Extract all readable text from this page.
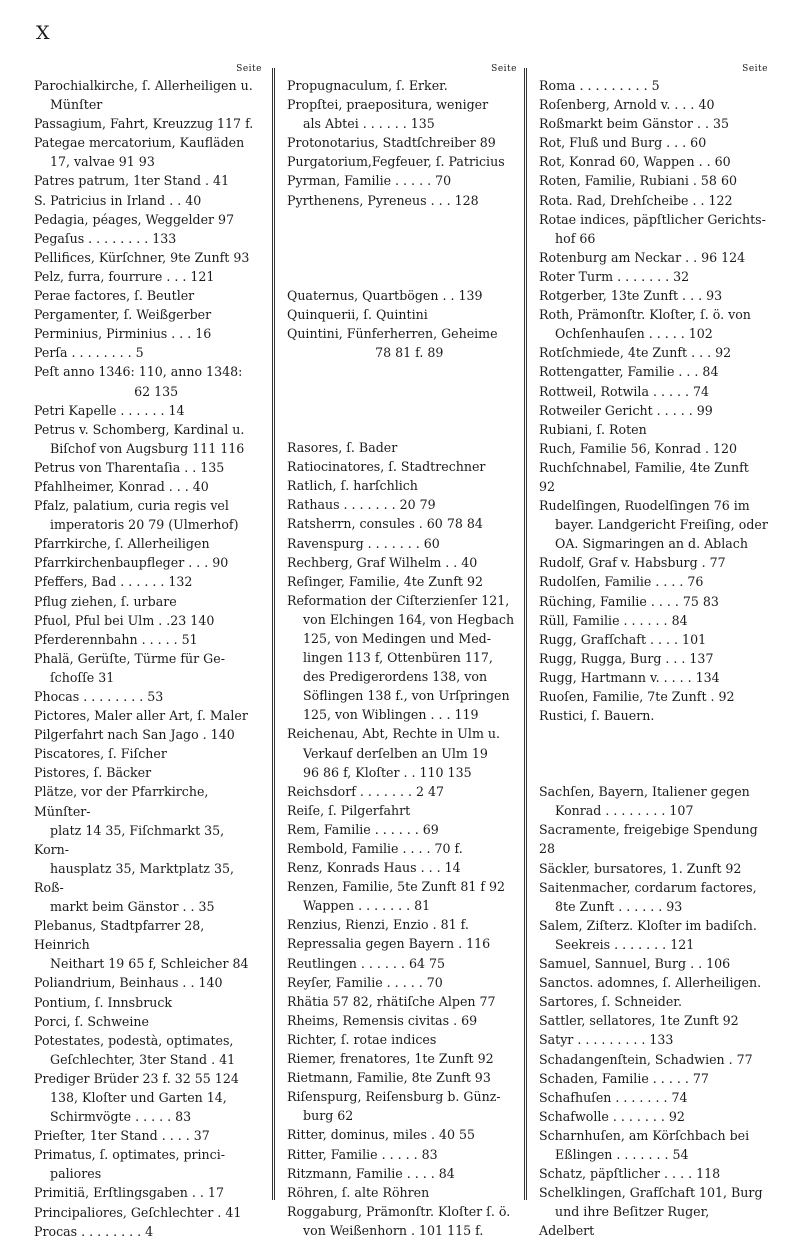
X
Seite
Parochialkirche, ſ. Allerheiligen u.
Münſter
Passagium, Fahrt, Kreuzzug 117 f.
Pategae mercatorium, Kaufläden
17, valvae 91 93
Patres patrum, 1ter Stand . 41
S. Patricius in Irland . . 40
Pedagia, péages, Weggelder 97
Pegaſus . . . . . . . . 133
Pellifices, Kürſchner, 9te Zunft 93
Pelz, furra, fourrure . . . 121
Perae factores, ſ. Beutler
Pergamenter, ſ. Weißgerber
Perminius, Pirminius . . . 16
Perſa . . . . . . . . 5
Peſt anno 1346: 110, anno 1348:
62 135
Petri Kapelle . . . . . . 14
Petrus v. Schomberg, Kardinal u.
Biſchof von Augsburg 111 116
Petrus von Tharentaſia . . 135
Pfahlheimer, Konrad . . . 40
Pfalz, palatium, curia regis vel
imperatoris 20 79 (Ulmerhof)
Pfarrkirche, ſ. Allerheiligen
Pfarrkirchenbaupfleger . . . 90
Pfeffers, Bad . . . . . . 132
Pflug ziehen, ſ. urbare
Pfuol, Pful bei Ulm . .23 140
Pferderennbahn . . . . . 51
Phalä, Gerüſte, Türme für Ge-
ſchoſſe 31
Phocas . . . . . . . . 53
Pictores, Maler aller Art, ſ. Maler
Pilgerfahrt nach San Jago . 140
Piscatores, ſ. Fiſcher
Pistores, ſ. Bäcker
Plätze, vor der Pfarrkirche, Münſter-
platz 14 35, Fiſchmarkt 35, Korn-
hausplatz 35, Marktplatz 35, Roß-
markt beim Gänstor . . 35
Plebanus, Stadtpfarrer 28, Heinrich
Neithart 19 65 f, Schleicher 84
Poliandrium, Beinhaus . . 140
Pontium, ſ. Innsbruck
Porci, ſ. Schweine
Potestates, podestà, optimates,
Geſchlechter, 3ter Stand . 41
Prediger Brüder 23 f. 32 55 124
138, Kloſter und Garten 14,
Schirmvögte . . . . . 83
Prieſter, 1ter Stand . . . . 37
Primatus, ſ. optimates, princi-
paliores
Primitiä, Erſtlingsgaben . . 17
Principaliores, Geſchlechter . 41
Procas . . . . . . . . 4
Seite
Propugnaculum, ſ. Erker.
Propſtei, praepositura, weniger
als Abtei . . . . . . 135
Protonotarius, Stadtſchreiber 89
Purgatorium,Fegfeuer, ſ. Patricius
Pyrman, Familie . . . . . 70
Pyrthenens, Pyreneus . . . 128
Quaternus, Quartbögen . . 139
Quinquerii, ſ. Quintini
Quintini, Fünferherren, Geheime
78 81 f. 89
Rasores, ſ. Bader
Ratiocinatores, ſ. Stadtrechner
Ratlich, ſ. harſchlich
Rathaus . . . . . . . 20 79
Ratsherrn, consules . 60 78 84
Ravenspurg . . . . . . . 60
Rechberg, Graf Wilhelm . . 40
Reſinger, Familie, 4te Zunft 92
Reformation der Ciſterzienſer 121,
von Elchingen 164, von Hegbach
125, von Medingen und Med-
lingen 113 f, Ottenbüren 117,
des Predigerordens 138, von
Söflingen 138 f., von Urſpringen
125, von Wiblingen . . . 119
Reichenau, Abt, Rechte in Ulm u.
Verkauf derſelben an Ulm 19
96 86 f, Kloſter . . 110 135
Reichsdorf . . . . . . . 2 47
Reiſe, ſ. Pilgerfahrt
Rem, Familie . . . . . . 69
Rembold, Familie . . . . 70 f.
Renz, Konrads Haus . . . 14
Renzen, Familie, 5te Zunft 81 f 92
Wappen . . . . . . . 81
Renzius, Rienzi, Enzio . 81 f.
Repressalia gegen Bayern . 116
Reutlingen . . . . . . 64 75
Reyſer, Familie . . . . . 70
Rhätia 57 82, rhätiſche Alpen 77
Rheims, Remensis civitas . 69
Richter, ſ. rotae indices
Riemer, frenatores, 1te Zunft 92
Rietmann, Familie, 8te Zunft 93
Riſenspurg, Reiſensburg b. Günz-
burg 62
Ritter, dominus, miles . 40 55
Ritter, Familie . . . . . 83
Ritzmann, Familie . . . . 84
Röhren, ſ. alte Röhren
Roggaburg, Prämonſtr. Kloſter ſ. ö.
von Weißenhorn . 101 115 f.
Seite
Roma . . . . . . . . . 5
Roſenberg, Arnold v. . . . 40
Roßmarkt beim Gänstor . . 35
Rot, Fluß und Burg . . . 60
Rot, Konrad 60, Wappen . . 60
Roten, Familie, Rubiani . 58 60
Rota. Rad, Drehſcheibe . . 122
Rotae indices, päpſtlicher Gerichts-
hof 66
Rotenburg am Neckar . . 96 124
Roter Turm . . . . . . . 32
Rotgerber, 13te Zunft . . . 93
Roth, Prämonſtr. Kloſter, ſ. ö. von
Ochſenhauſen . . . . . 102
Rotſchmiede, 4te Zunft . . . 92
Rottengatter, Familie . . . 84
Rottweil, Rotwila . . . . . 74
Rotweiler Gericht . . . . . 99
Rubiani, ſ. Roten
Ruch, Familie 56, Konrad . 120
Ruchſchnabel, Familie, 4te Zunft 92
Rudelſingen, Ruodelſingen 76 im
bayer. Landgericht Freiſing, oder
OA. Sigmaringen an d. Ablach
Rudolf, Graf v. Habsburg . 77
Rudolſen, Familie . . . . 76
Rüching, Familie . . . . 75 83
Rüll, Familie . . . . . . 84
Rugg, Grafſchaft . . . . 101
Rugg, Rugga, Burg . . . 137
Rugg, Hartmann v. . . . . 134
Ruoſen, Familie, 7te Zunft . 92
Rustici, ſ. Bauern.
Sachſen, Bayern, Italiener gegen
Konrad . . . . . . . . 107
Sacramente, freigebige Spendung 28
Säckler, bursatores, 1. Zunft 92
Saitenmacher, cordarum factores,
8te Zunft . . . . . . 93
Salem, Ziſterz. Kloſter im badiſch.
Seekreis . . . . . . . 121
Samuel, Sannuel, Burg . . 106
Sanctos. adomnes, ſ. Allerheiligen.
Sartores, ſ. Schneider.
Sattler, sellatores, 1te Zunft 92
Satyr . . . . . . . . . 133
Schadangenſtein, Schadwien . 77
Schaden, Familie . . . . . 77
Schafhuſen . . . . . . . 74
Schafwolle . . . . . . . 92
Scharnhuſen, am Körſchbach bei
Eßlingen . . . . . . . 54
Schatz, päpſtlicher . . . . 118
Schelklingen, Grafſchaft 101, Burg
und ihre Beſitzer Ruger, Adelbert
